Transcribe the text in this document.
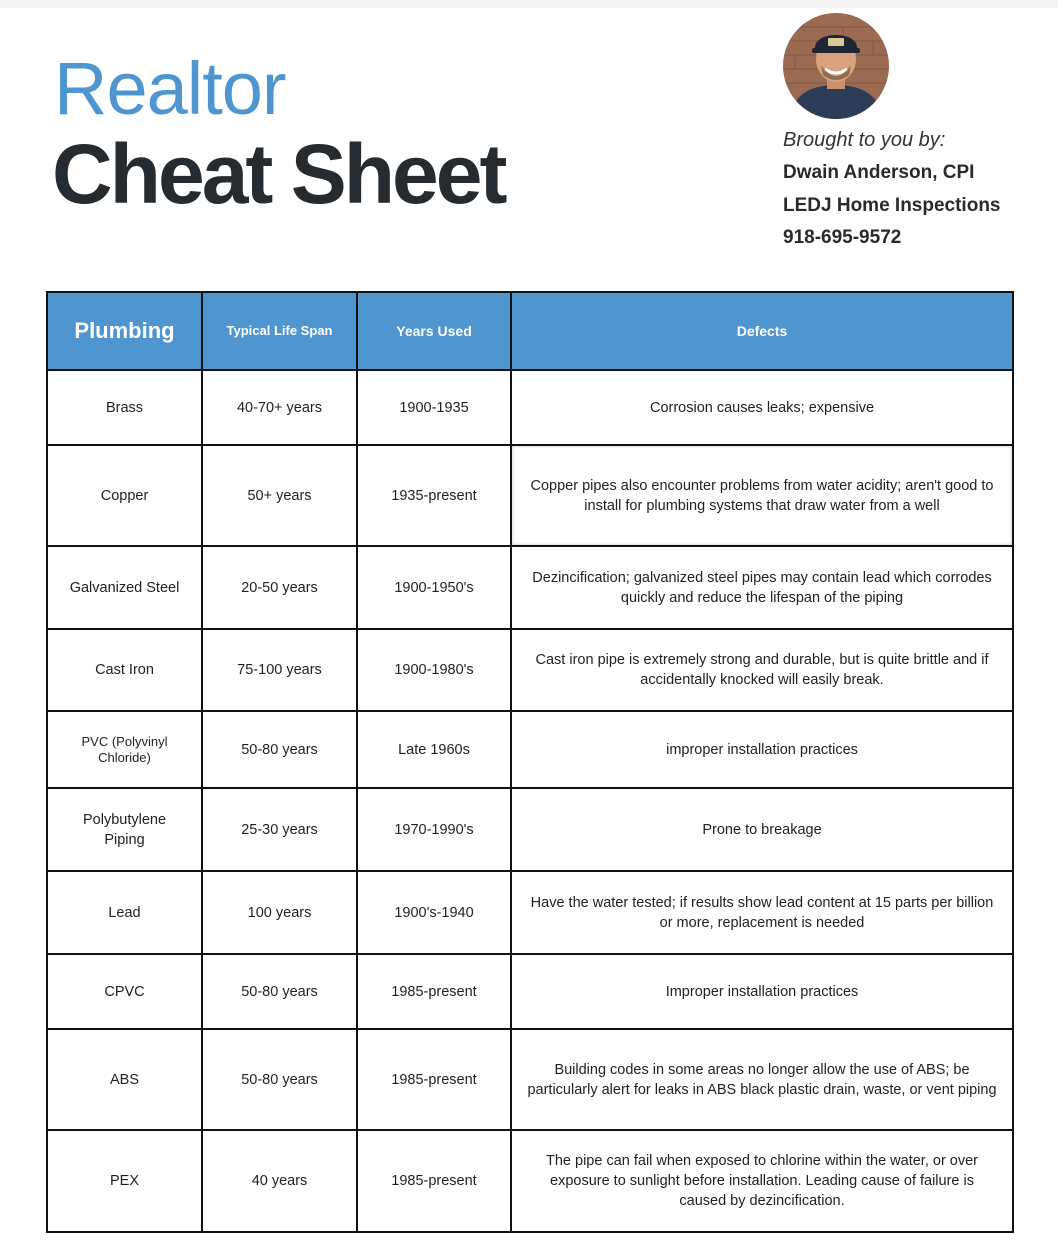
Realtor
Cheat Sheet	Brought to you by:
Dwain Anderson, CPI
LEDJ Home Inspections
918-695-9572
Plumbing	Typical Life Span	Years Used	Defects
Brass	40-70+ years	1900-1935	Corrosion causes leaks; expensive
Copper	50+ years	1935-present	Copper pipes also encounter problems from water acidity; aren't good to install for plumbing systems that draw water from a well
Galvanized Steel	20-50 years	1900-1950's	Dezincification; galvanized steel pipes may contain lead which corrodes quickly and reduce the lifespan of the piping
Cast Iron	75-100 years	1900-1980's	Cast iron pipe is extremely strong and durable, but is quite brittle and if accidentally knocked will easily break.
PVC (Polyvinyl Chloride)	50-80 years	Late 1960s	improper installation practices
Polybutylene Piping	25-30 years	1970-1990's	Prone to breakage
Lead	100 years	1900's-1940	Have the water tested; if results show lead content at 15 parts per billion or more, replacement is needed
CPVC	50-80 years	1985-present	Improper installation practices
ABS	50-80 years	1985-present	Building codes in some areas no longer allow the use of ABS; be particularly alert for leaks in ABS black plastic drain, waste, or vent piping
PEX	40 years	1985-present	The pipe can fail when exposed to chlorine within the water, or over exposure to sunlight before installation. Leading cause of failure is caused by dezincification.
